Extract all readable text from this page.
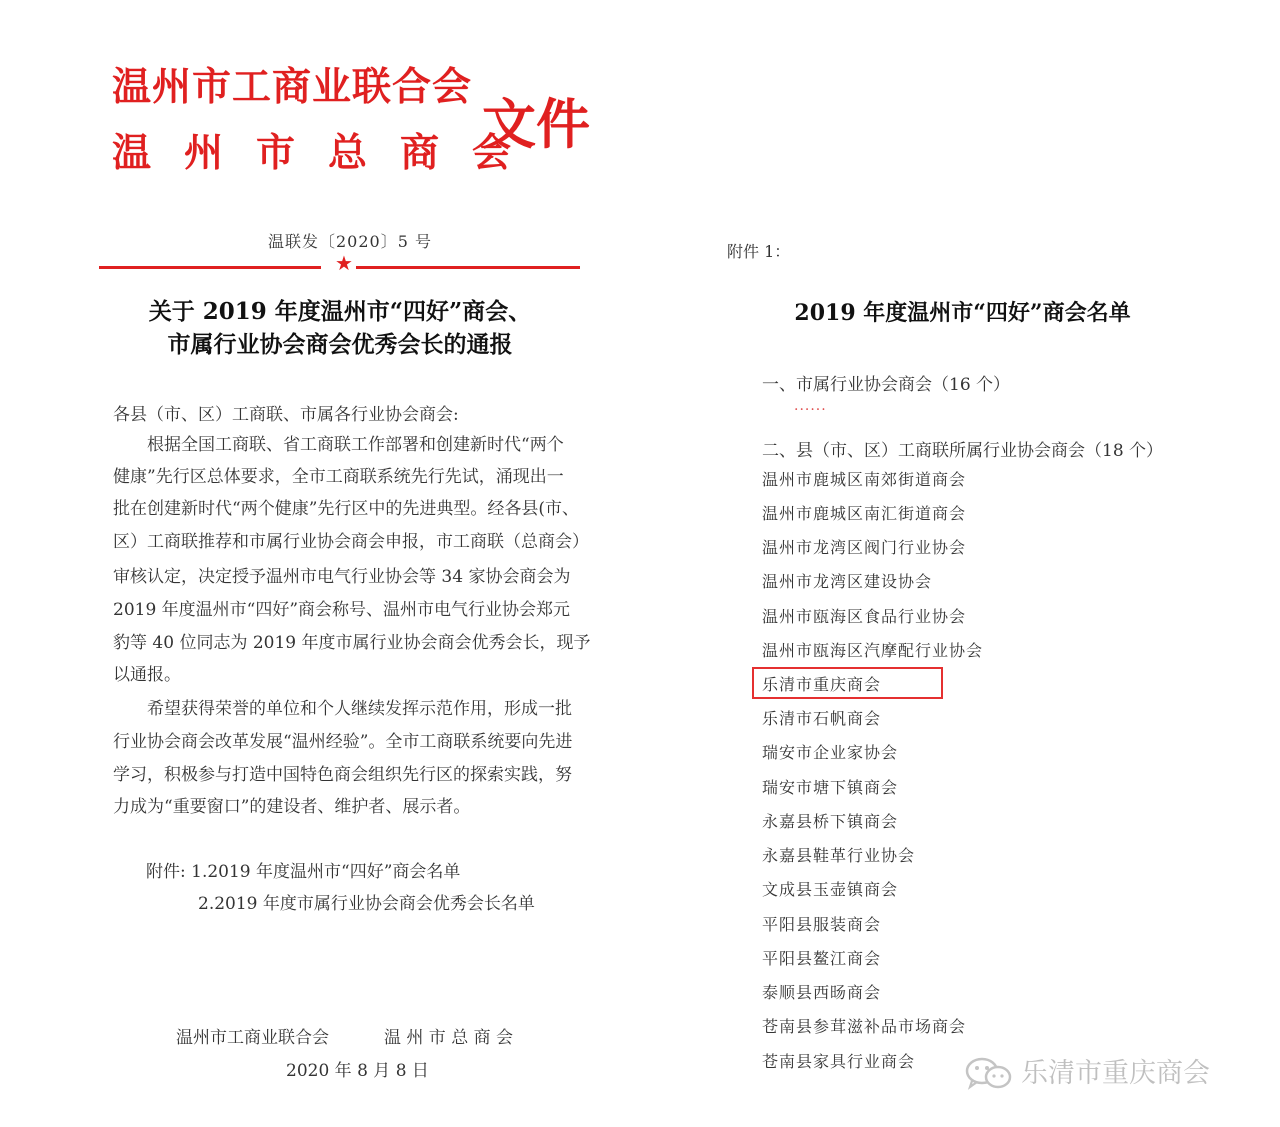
温州市工商业联合会
温州市总商会
文件
温联发〔2020〕5 号
★
关于 2019 年度温州市“四好”商会、
市属行业协会商会优秀会长的通报
各县（市、区）工商联、市属各行业协会商会:
根据全国工商联、省工商联工作部署和创建新时代“两个
健康”先行区总体要求，全市工商联系统先行先试，涌现出一
批在创建新时代“两个健康”先行区中的先进典型。经各县(市、
区）工商联推荐和市属行业协会商会申报，市工商联（总商会）
审核认定，决定授予温州市电气行业协会等 34 家协会商会为
2019 年度温州市“四好”商会称号、温州市电气行业协会郑元
豹等 40 位同志为 2019 年度市属行业协会商会优秀会长，现予
以通报。
希望获得荣誉的单位和个人继续发挥示范作用，形成一批
行业协会商会改革发展“温州经验”。全市工商联系统要向先进
学习，积极参与打造中国特色商会组织先行区的探索实践，努
力成为“重要窗口”的建设者、维护者、展示者。
附件: 1.2019 年度温州市“四好”商会名单
2.2019 年度市属行业协会商会优秀会长名单
温州市工商业联合会	温 州 市 总 商 会
2020 年 8 月 8 日
附件 1：
2019 年度温州市“四好”商会名单
一、市属行业协会商会（16 个）
······
二、县（市、区）工商联所属行业协会商会（18 个）
温州市鹿城区南郊街道商会
温州市鹿城区南汇街道商会
温州市龙湾区阀门行业协会
温州市龙湾区建设协会
温州市瓯海区食品行业协会
温州市瓯海区汽摩配行业协会
乐清市重庆商会
乐清市石帆商会
瑞安市企业家协会
瑞安市塘下镇商会
永嘉县桥下镇商会
永嘉县鞋革行业协会
文成县玉壶镇商会
平阳县服装商会
平阳县鳌江商会
泰顺县西旸商会
苍南县参茸滋补品市场商会
苍南县家具行业商会	乐清市重庆商会
